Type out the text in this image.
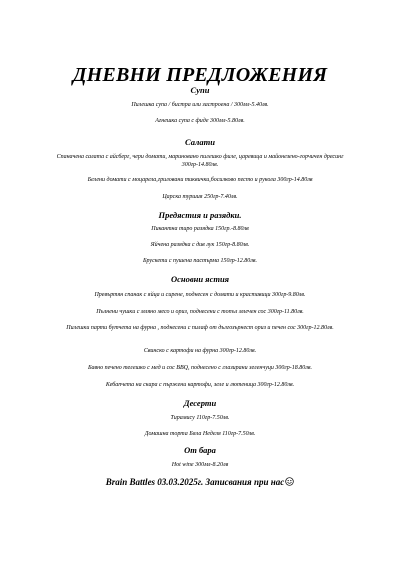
ДНЕВНИ ПРЕДЛОЖЕНИЯ
Супи
Пилешка супа / бистра или застроена / 300мл-5.40лв.
Агнешка супа с фиде 300мл-5.80лв.
Салати
Спаначена салата с айсберг, чери домати, мариновано пилешко филе, царевица и майонезено-горчичен дресинг 300гр-14.80лв.
Белени домати с моцарела,гриловани тиквички,босилково песто и рукола 300гр-14.80лв
Царска туршия 250гр-7.40лв.
Предястия и разядки.
Пикантна тиро разядка 150гр.-8.80лв
Яйчена разядка с див лук 150гр-8.80лв.
Брускети с пушена пастърма 150гр-12.80лв.
Основни ястия
Превъртян спанак с яйца и сирене, поднесен с домати и краставици 300гр-9.80лв.
Пълнени чушки с мляно месо и ориз, поднесени с топъл млечен сос 300гр-11.80лв.
Пилешки парти бутчета на фурна , поднесени с пилаф от дългозърнест ориз и печен сос 300гр-12.80лв.
Свинско с картофи на фурна 300гр-12.80лв.
Бавно печено телешко с мед и сос BBQ, поднесено с глазирани зеленчуци 300гр-18.80лв.
Кебапчета на скара с пържени картофи, зеле и лютеница 300гр-12.80лв.
Десерти
Тирамису 110гр-7.50лв.
Домашна торта Бяла Неделя 110гр-7.50лв.
От бара
Hot wine 300мл-8.20лв
Brain Battles 03.03.2025г. Записвания при нас
